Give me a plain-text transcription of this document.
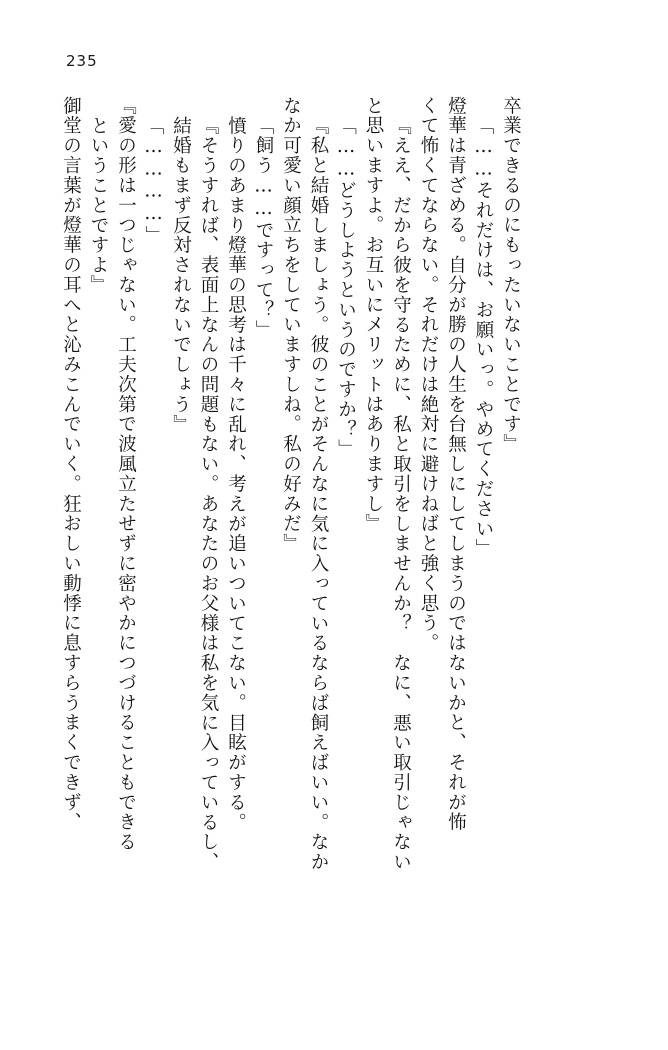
235
御堂の言葉が燈華の耳へと沁みこんでいく。狂おしい動悸に息すらうまくできず、 ということですよ』 『愛の形は一つじゃない。工夫次第で波風立たせずに密やかにつづけることもできる 「…………」 結婚もまず反対されないでしょう』 『そうすれば、表面上なんの問題もない。あなたのお父様は私を気に入っているし、 憤りのあまり燈華の思考は千々に乱れ、考えが追いついてこない。目眩がする。 「飼う……ですって？」 なか可愛い顔立ちをしていますしね。私の好みだ』 『私と結婚しましょう。彼のことがそんなに気に入っているならば飼えばいい。なか 「……どうしようというのですか？」 と思いますよ。お互いにメリットはありますし』 『ええ、だから彼を守るために、私と取引をしませんか？　なに、悪い取引じゃない くて怖くてならない。それだけは絶対に避けねばと強く思う。 燈華は青ざめる。自分が勝の人生を台無しにしてしまうのではないかと、それが怖 「……それだけは、お願いっ。やめてください」 卒業できるのにもったいないことです』
